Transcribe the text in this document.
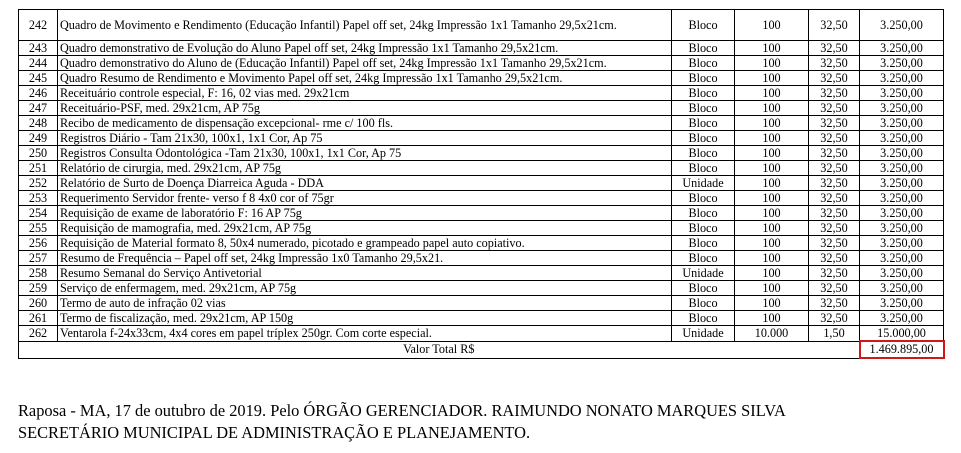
242	Quadro de Movimento e Rendimento (Educação Infantil) Papel off set, 24kg Impressão 1x1 Tamanho 29,5x21cm.	Bloco	100	32,50	3.250,00
243	Quadro demonstrativo de Evolução do Aluno Papel off set, 24kg Impressão 1x1 Tamanho 29,5x21cm.	Bloco	100	32,50	3.250,00
244	Quadro demonstrativo do Aluno de (Educação Infantil) Papel off set, 24kg Impressão 1x1 Tamanho 29,5x21cm.	Bloco	100	32,50	3.250,00
245	Quadro Resumo de Rendimento e Movimento Papel off set, 24kg Impressão 1x1 Tamanho 29,5x21cm.	Bloco	100	32,50	3.250,00
246	Receituário controle especial, F: 16, 02 vias med. 29x21cm	Bloco	100	32,50	3.250,00
247	Receituário-PSF, med. 29x21cm, AP 75g	Bloco	100	32,50	3.250,00
248	Recibo de medicamento de dispensação excepcional- rme c/ 100 fls.	Bloco	100	32,50	3.250,00
249	Registros Diário - Tam 21x30, 100x1, 1x1 Cor, Ap 75	Bloco	100	32,50	3.250,00
250	Registros Consulta Odontológica -Tam 21x30, 100x1, 1x1 Cor, Ap 75	Bloco	100	32,50	3.250,00
251	Relatório de cirurgia, med. 29x21cm, AP 75g	Bloco	100	32,50	3.250,00
252	Relatório de Surto de Doença Diarreica Aguda - DDA	Unidade	100	32,50	3.250,00
253	Requerimento Servidor frente- verso f 8 4x0 cor of 75gr	Bloco	100	32,50	3.250,00
254	Requisição de exame de laboratório F: 16 AP 75g	Bloco	100	32,50	3.250,00
255	Requisição de mamografia, med. 29x21cm, AP 75g	Bloco	100	32,50	3.250,00
256	Requisição de Material formato 8, 50x4 numerado, picotado e grampeado papel auto copiativo.	Bloco	100	32,50	3.250,00
257	Resumo de Frequência – Papel off set, 24kg Impressão 1x0 Tamanho 29,5x21.	Bloco	100	32,50	3.250,00
258	Resumo Semanal do Serviço Antivetorial	Unidade	100	32,50	3.250,00
259	Serviço de enfermagem, med. 29x21cm, AP 75g	Bloco	100	32,50	3.250,00
260	Termo de auto de infração 02 vias	Bloco	100	32,50	3.250,00
261	Termo de fiscalização, med. 29x21cm, AP 150g	Bloco	100	32,50	3.250,00
262	Ventarola f-24x33cm, 4x4 cores em papel tríplex 250gr. Com corte especial.	Unidade	10.000	1,50	15.000,00
Valor Total R$					1.469.895,00

Raposa - MA, 17 de outubro de 2019. Pelo ÓRGÃO GERENCIADOR. RAIMUNDO NONATO MARQUES SILVA

SECRETÁRIO MUNICIPAL DE ADMINISTRAÇÃO E PLANEJAMENTO.
